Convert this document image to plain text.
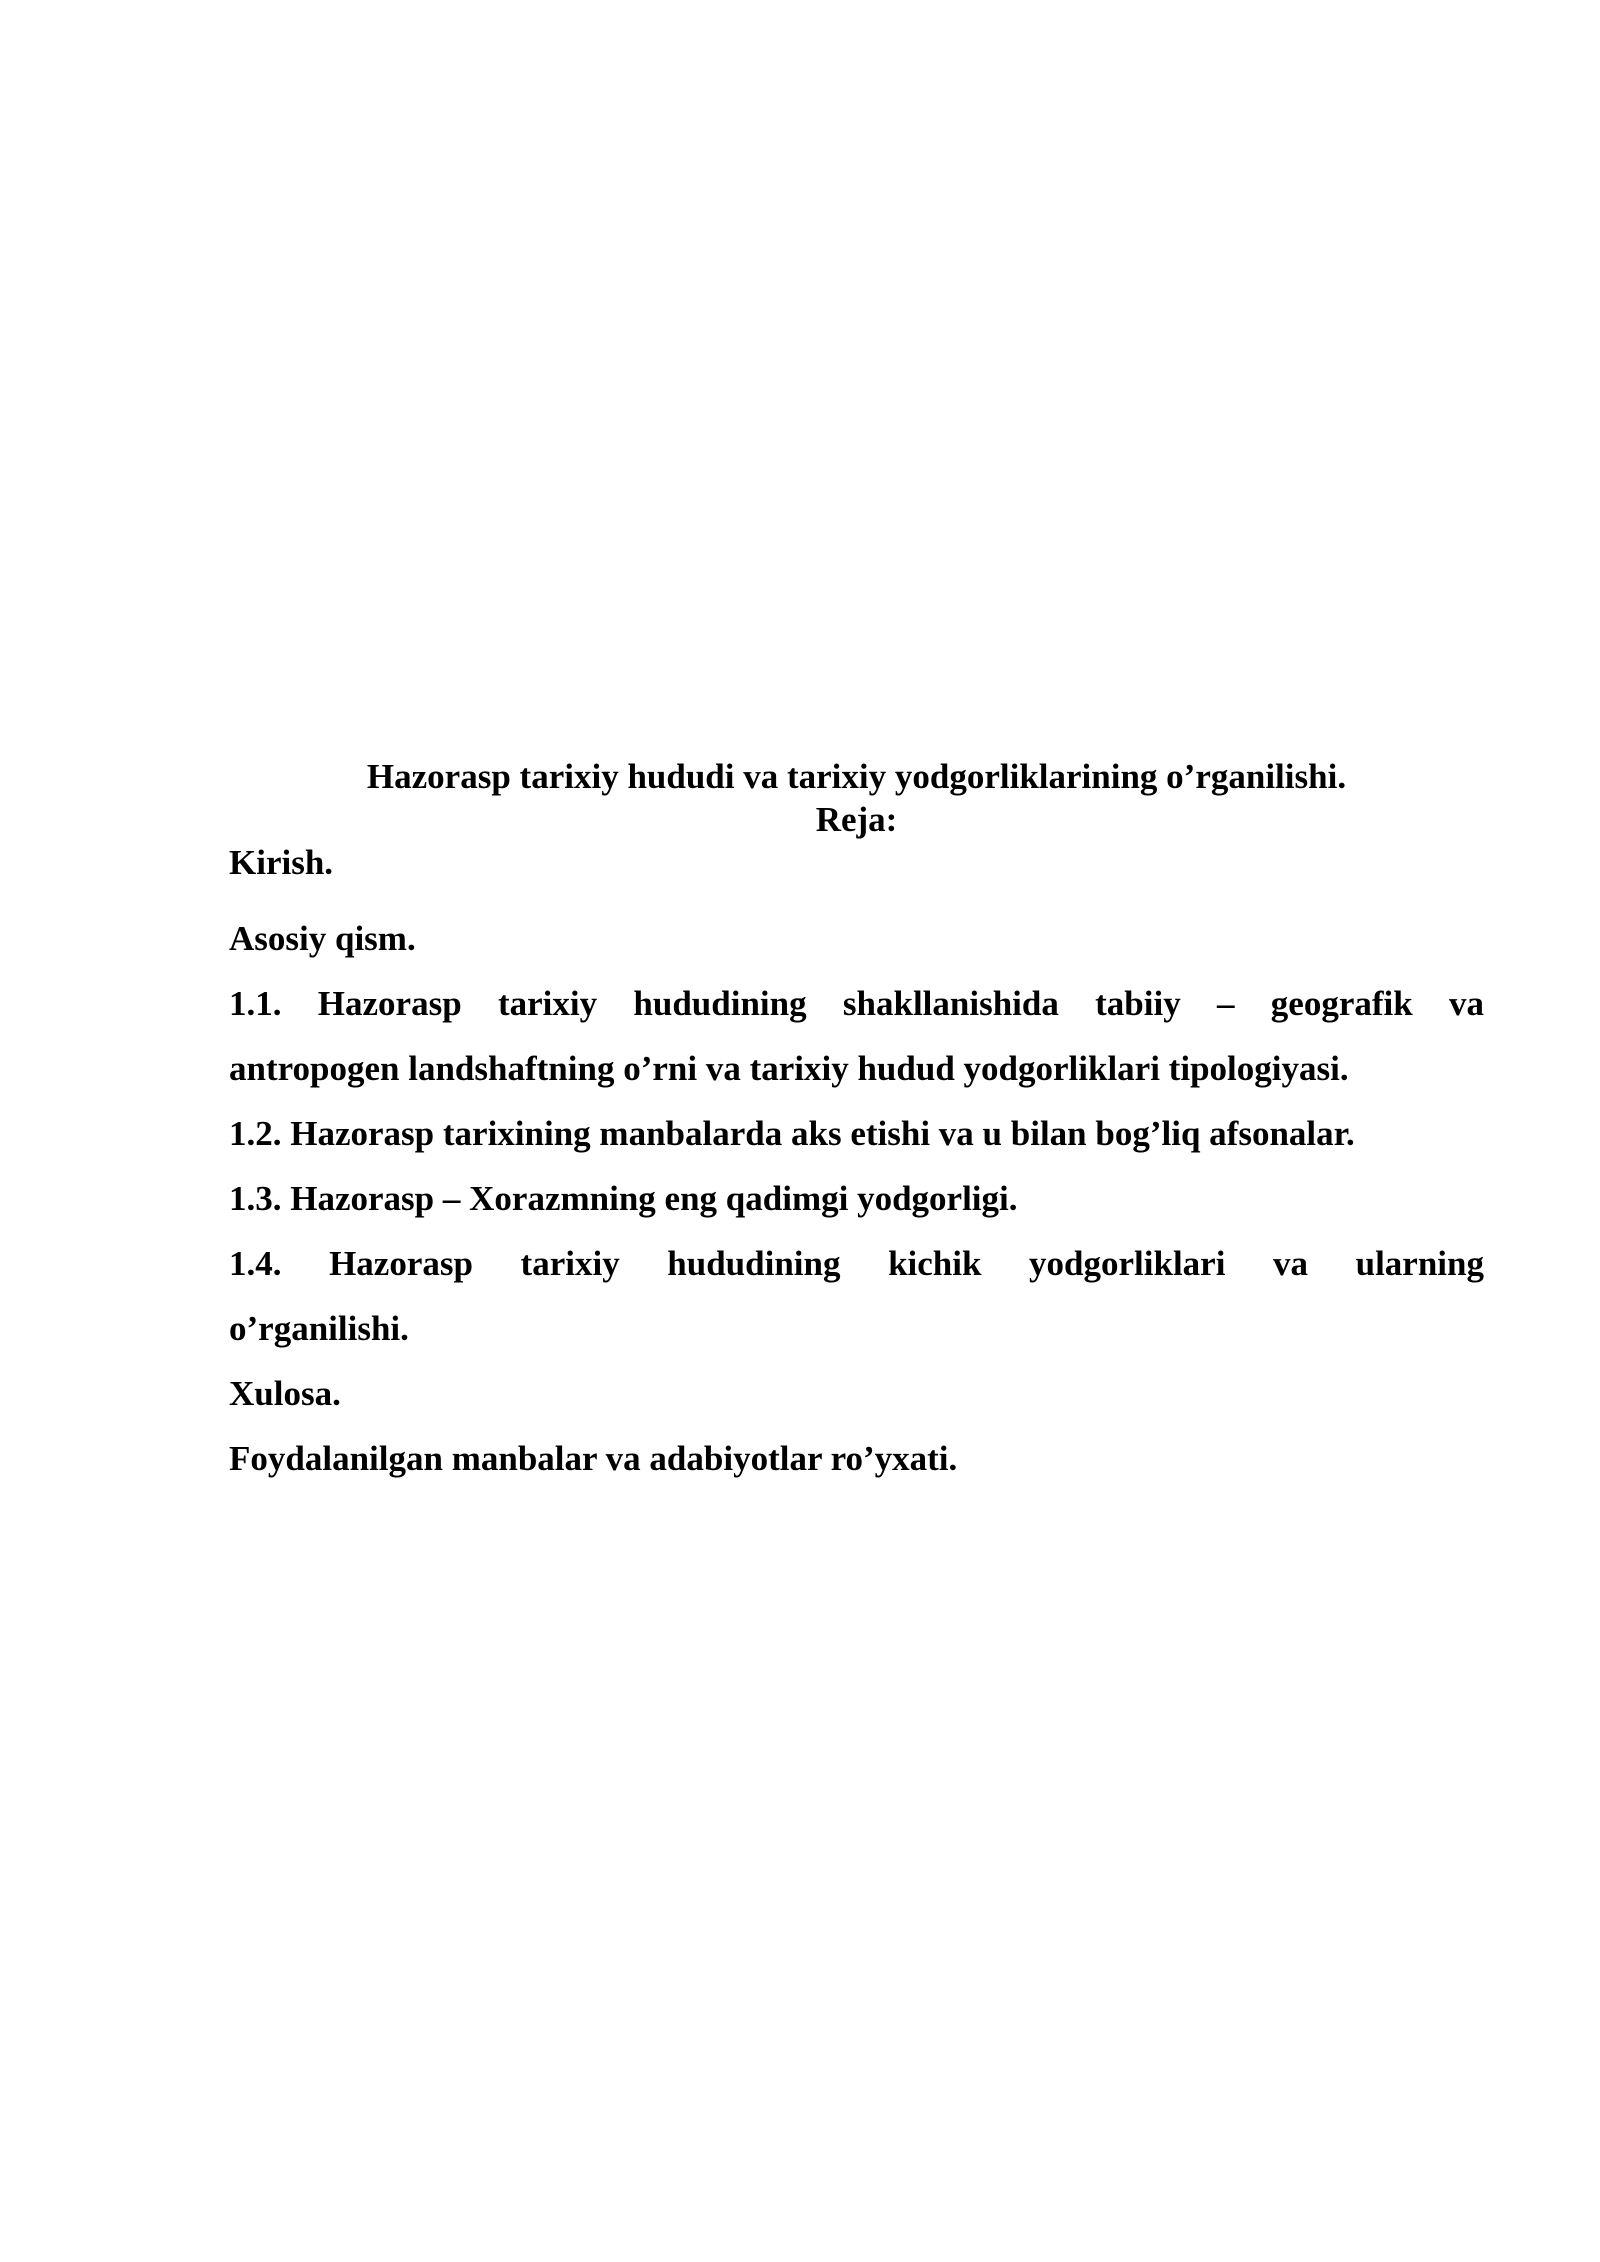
Hazorasp tarixiy hududi va tarixiy yodgorliklarining o’rganilishi.
Reja:
Kirish.
Asosiy qism.
1.1. Hazorasp tarixiy hududining shakllanishida tabiiy – geografik va
antropogen landshaftning o’rni va tarixiy hudud yodgorliklari tipologiyasi.
1.2. Hazorasp tarixining manbalarda aks etishi va u bilan bog’liq afsonalar.
1.3. Hazorasp – Xorazmning eng qadimgi yodgorligi.
1.4. Hazorasp tarixiy hududining kichik yodgorliklari va ularning
o’rganilishi.
Xulosa.
Foydalanilgan manbalar va adabiyotlar ro’yxati.
